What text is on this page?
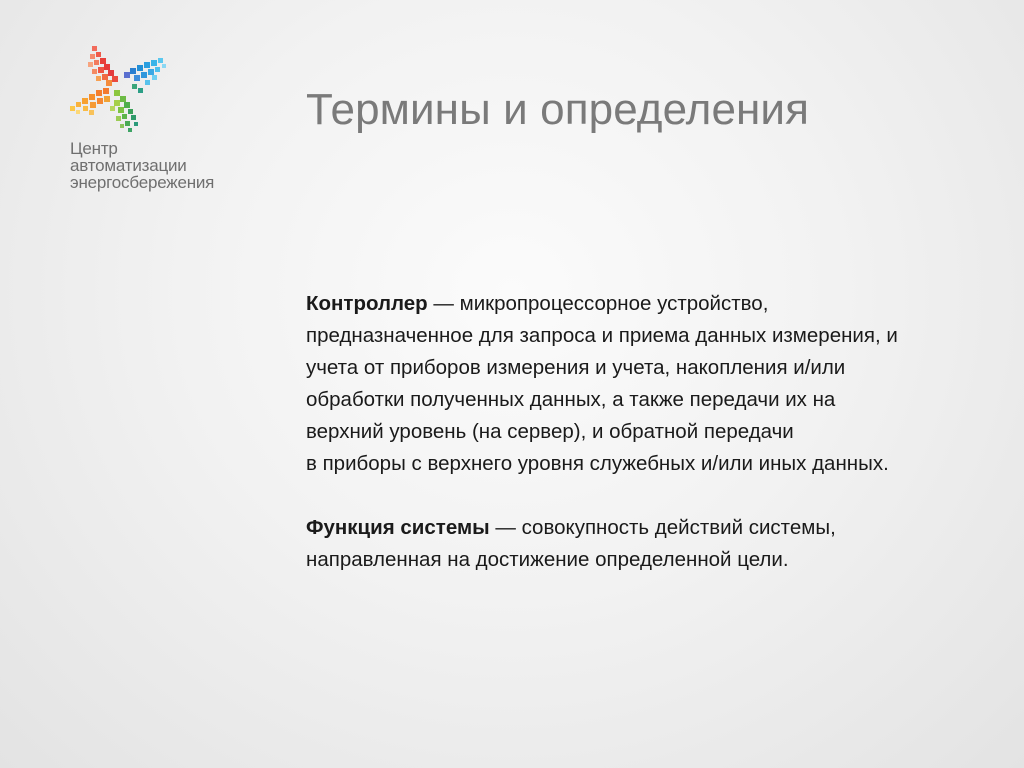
Центр
автоматизации
энергосбережения
Термины и определения

Контроллер — микропроцессорное устройство,
предназначенное для запроса и приема данных измерения, и
учета от приборов измерения и учета, накопления и/или
обработки полученных данных, а также передачи их на
верхний уровень (на сервер), и обратной передачи
в приборы с верхнего уровня служебных и/или иных данных.

Функция системы — совокупность действий системы,
направленная на достижение определенной цели.
